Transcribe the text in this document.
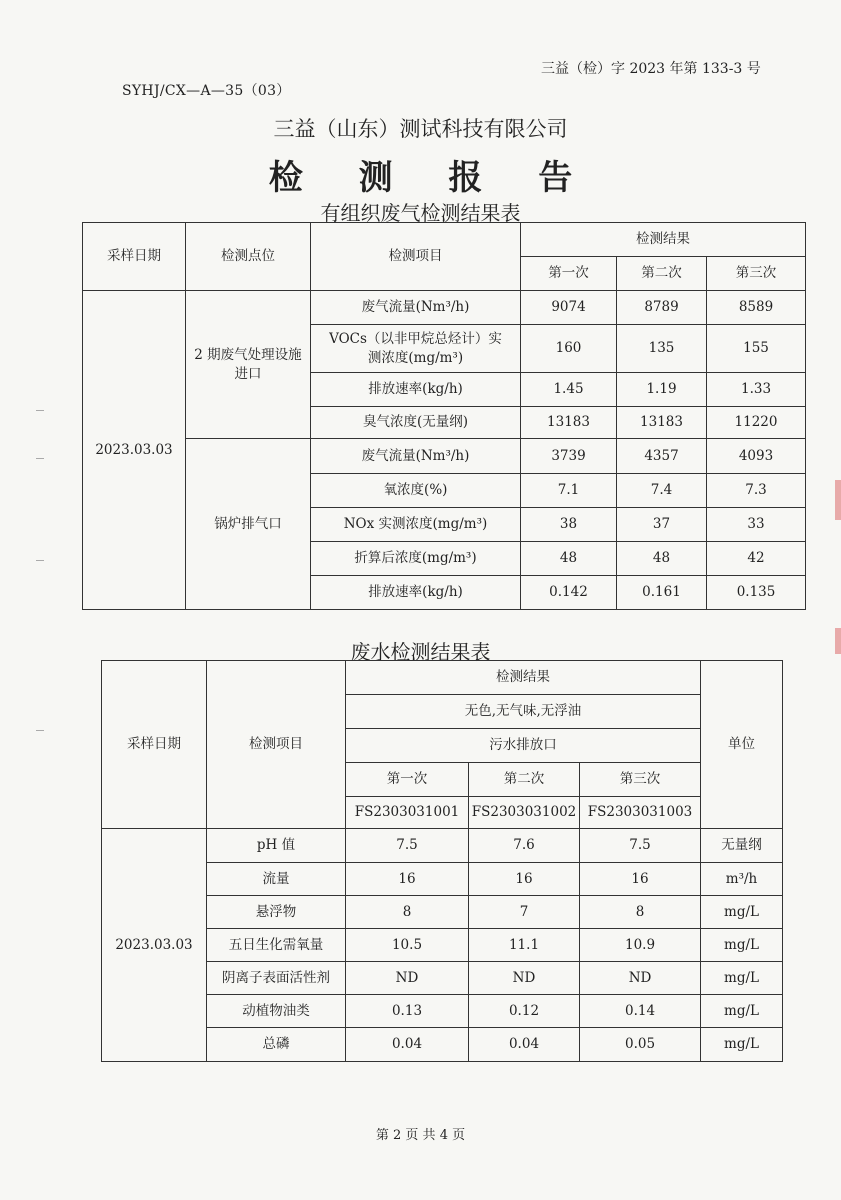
三益（检）字 2023 年第 133-3 号
SYHJ/CX—A—35（03）
三益（山东）测试科技有限公司
检 测 报 告
有组织废气检测结果表
采样日期	检测点位	检测项目	检测结果		
			第一次	第二次	第三次
2023.03.03	2 期废气处理设施进口	废气流量(Nm³/h)	9074	8789	8589
		VOCs（以非甲烷总烃计）实测浓度(mg/m³)	160	135	155
		排放速率(kg/h)	1.45	1.19	1.33
		臭气浓度(无量纲)	13183	13183	11220
	锅炉排气口	废气流量(Nm³/h)	3739	4357	4093
		氧浓度(%)	7.1	7.4	7.3
		NOx 实测浓度(mg/m³)	38	37	33
		折算后浓度(mg/m³)	48	48	42
		排放速率(kg/h)	0.142	0.161	0.135
废水检测结果表
采样日期	检测项目	检测结果			单位
		无色,无气味,无浮油			
		污水排放口			
		第一次	第二次	第三次	
		FS2303031001	FS2303031002	FS2303031003	
2023.03.03	pH 值	7.5	7.6	7.5	无量纲
	流量	16	16	16	m³/h
	悬浮物	8	7	8	mg/L
	五日生化需氧量	10.5	11.1	10.9	mg/L
	阴离子表面活性剂	ND	ND	ND	mg/L
	动植物油类	0.13	0.12	0.14	mg/L
	总磷	0.04	0.04	0.05	mg/L
第 2 页 共 4 页
